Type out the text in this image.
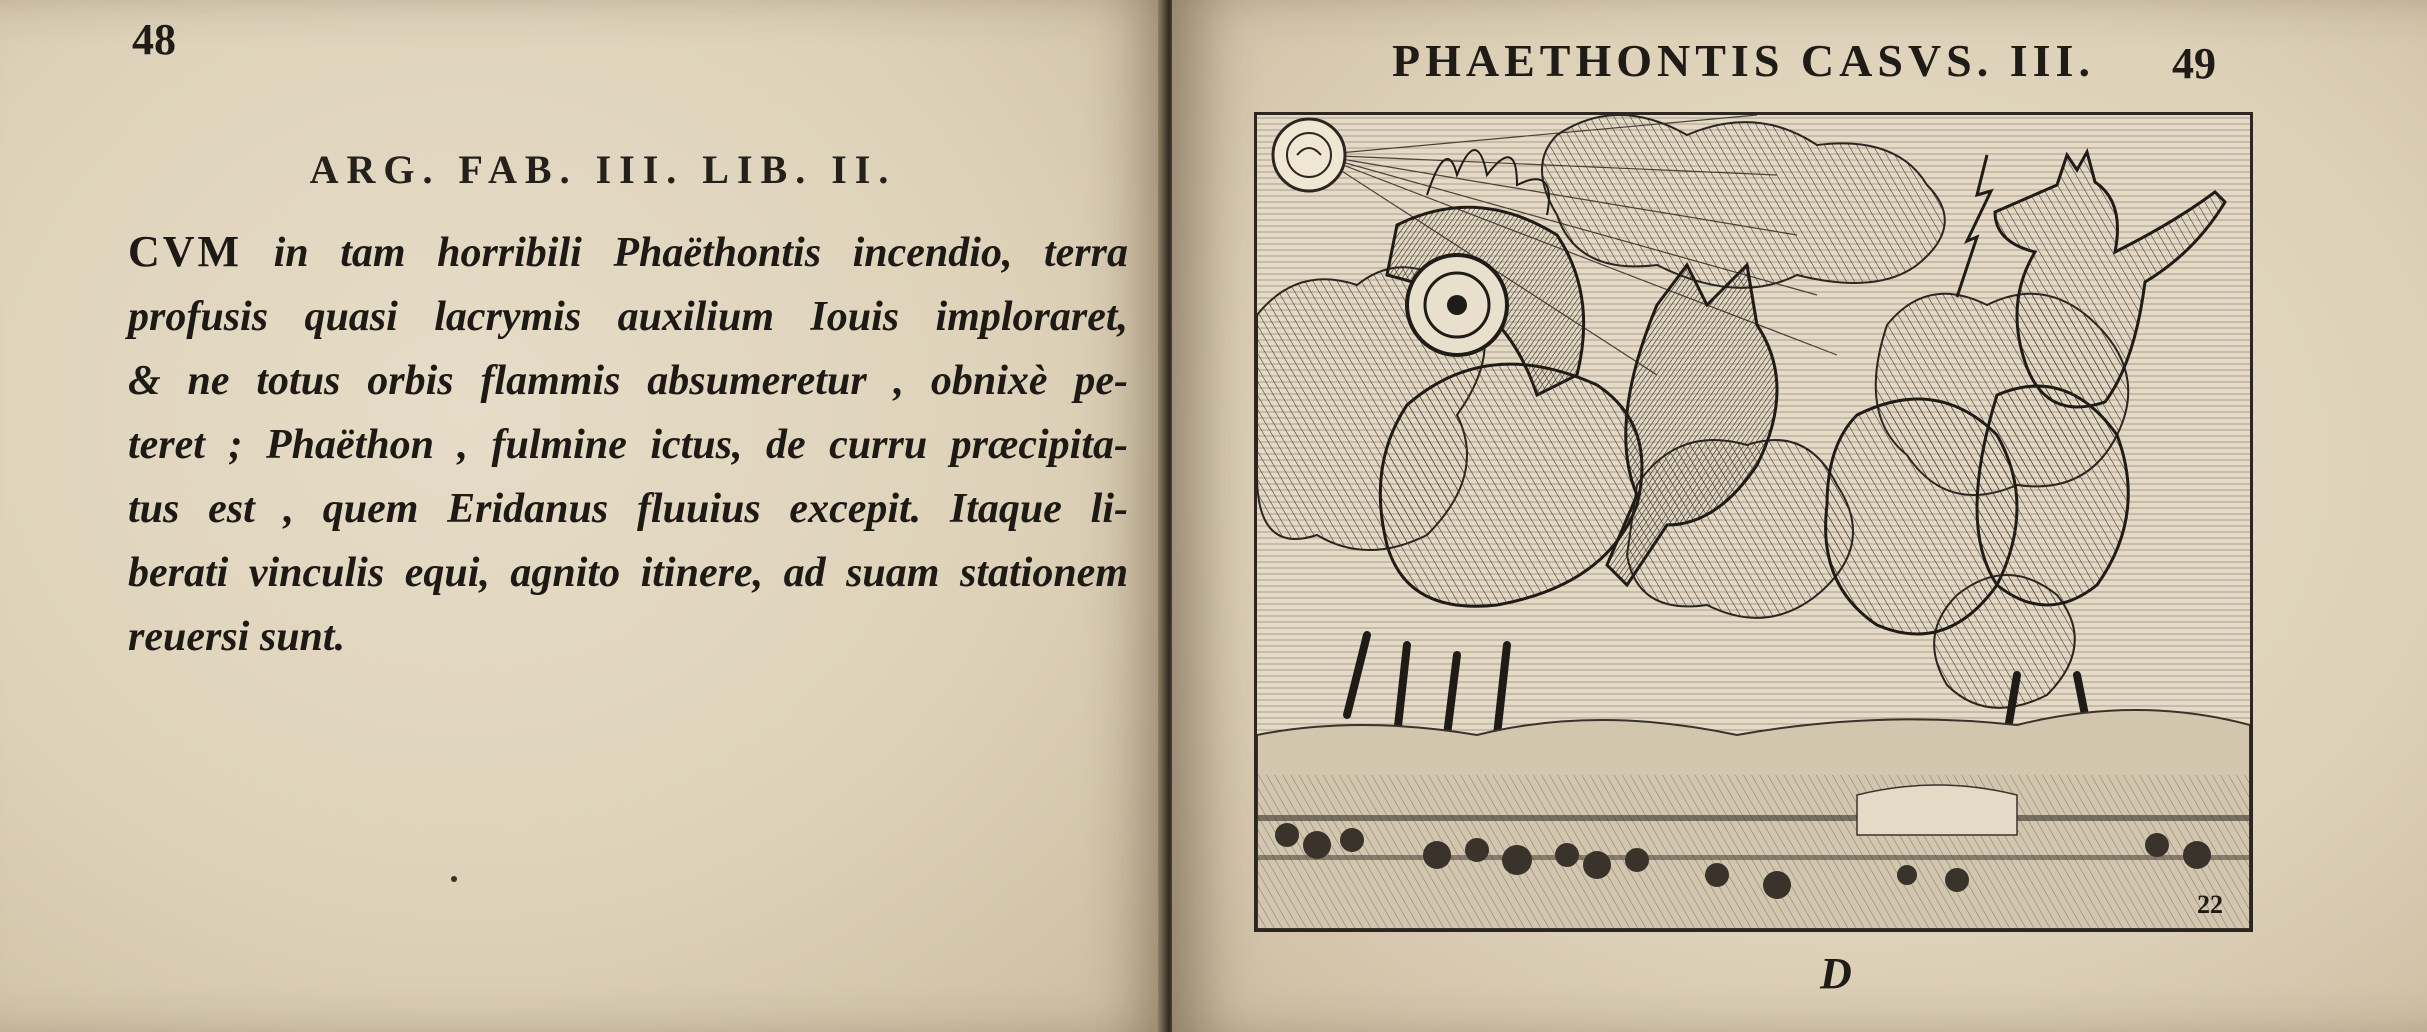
48
ARG. FAB. III. LIB. II.
CVM in tam horribili Phaëthontis incendio, terra
profusis quasi lacrymis auxilium Iouis imploraret,
& ne totus orbis flammis absumeretur , obnixè pe-
teret ; Phaëthon , fulmine ictus, de curru præcipita-
tus est , quem Eridanus fluuius excepit. Itaque li-
berati vinculis equi, agnito itinere, ad suam stationem
reuersi sunt.
PHAETHONTIS CASVS. III. 49
22
D
